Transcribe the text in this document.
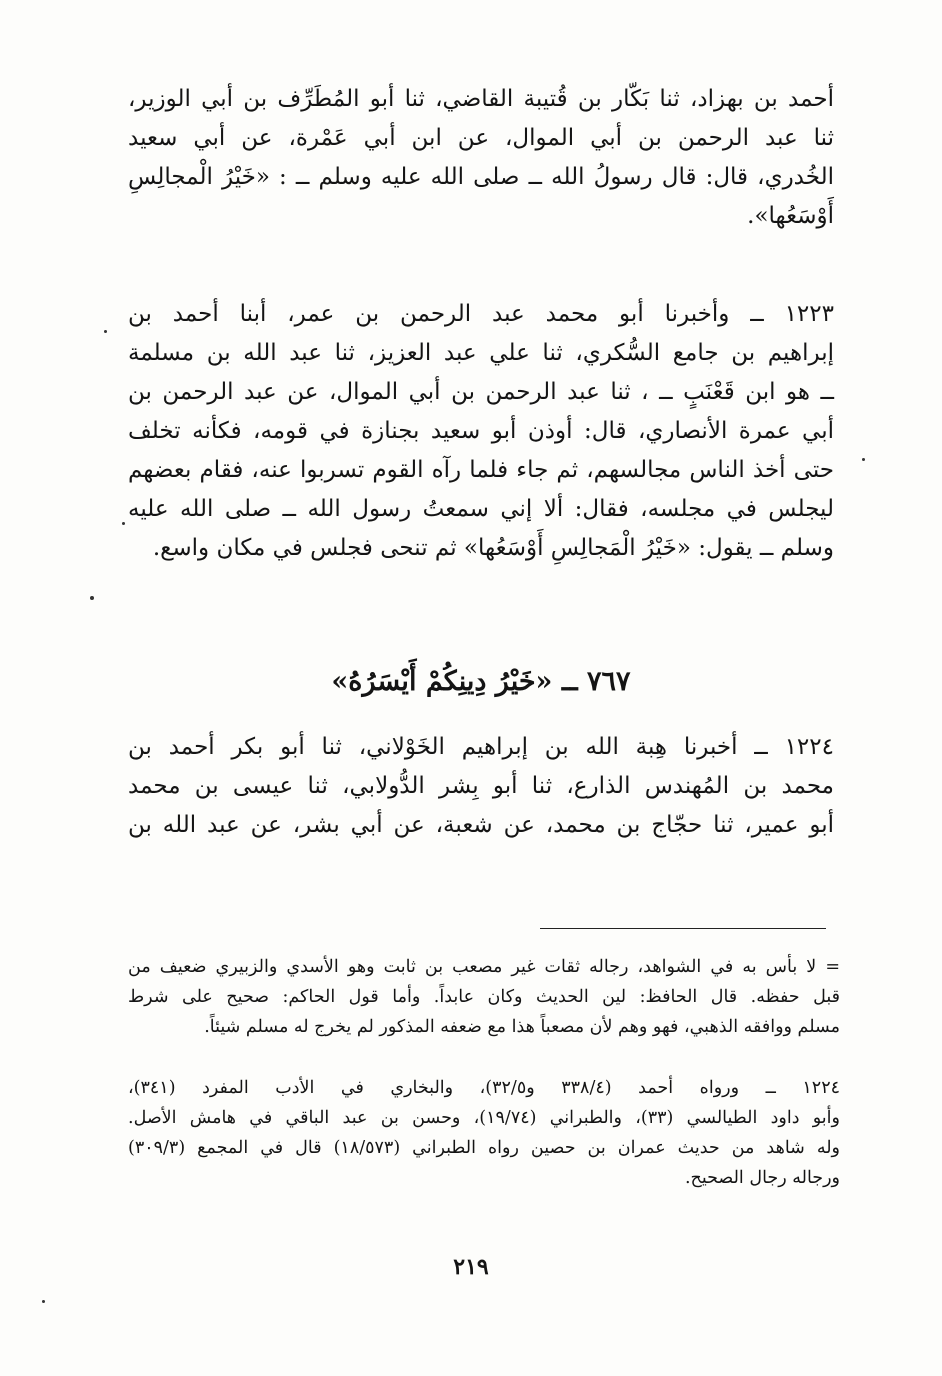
أحمد بن بهزاد، ثنا بَكّار بن قُتيبة القاضي، ثنا أبو المُطَرِّف بن أبي الوزير،
ثنا عبد الرحمن بن أبي الموال، عن ابن أبي عَمْرة، عن أبي سعيد
الخُدري، قال: قال رسولُ الله ــ صلى الله عليه وسلم ــ : «خَيْرُ الْمجالِسِ
أَوْسَعُها».
١٢٢٣ ــ وأخبرنا أبو محمد عبد الرحمن بن عمر، أبنا أحمد بن
إبراهيم بن جامع السُّكري، ثنا علي عبد العزيز، ثنا عبد الله بن مسلمة
ــ هو ابن قَعْنَبٍ ــ ، ثنا عبد الرحمن بن أبي الموال، عن عبد الرحمن بن
أبي عمرة الأنصاري، قال: أوذن أبو سعيد بجنازة في قومه، فكأنه تخلف
حتى أخذ الناس مجالسهم، ثم جاء فلما رآه القوم تسربوا عنه، فقام بعضهم
ليجلس في مجلسه، فقال: ألا إني سمعتُ رسول الله ــ صلى الله عليه
وسلم ــ يقول: «خَيْرُ الْمَجالِسِ أَوْسَعُها» ثم تنحى فجلس في مكان واسع.
٧٦٧ ــ «خَيْرُ دِينِكُمْ أَيْسَرُهُ»
١٢٢٤ ــ أخبرنا هِبة الله بن إبراهيم الخَوْلاني، ثنا أبو بكر أحمد بن
محمد بن المُهندس الذارع، ثنا أبو بِشر الدُّولابي، ثنا عيسى بن محمد
أبو عمير، ثنا حجّاج بن محمد، عن شعبة، عن أبي بشر، عن عبد الله بن
= لا بأس به في الشواهد، رجاله ثقات غير مصعب بن ثابت وهو الأسدي والزبيري ضعيف من
قبل حفظه. قال الحافظ: لين الحديث وكان عابداً. وأما قول الحاكم: صحيح على شرط
مسلم ووافقه الذهبي، فهو وهم لأن مصعباً هذا مع ضعفه المذكور لم يخرج له مسلم شيئاً.
١٢٢٤ ــ ورواه أحمد (٣٣٨/٤ و٣٢/٥)، والبخاري في الأدب المفرد (٣٤١)،
وأبو داود الطيالسي (٣٣)، والطبراني (١٩/٧٤)، وحسن بن عبد الباقي في هامش الأصل.
وله شاهد من حديث عمران بن حصين رواه الطبراني (١٨/٥٧٣) قال في المجمع (٣٠٩/٣)
ورجاله رجال الصحيح.
٢١٩
